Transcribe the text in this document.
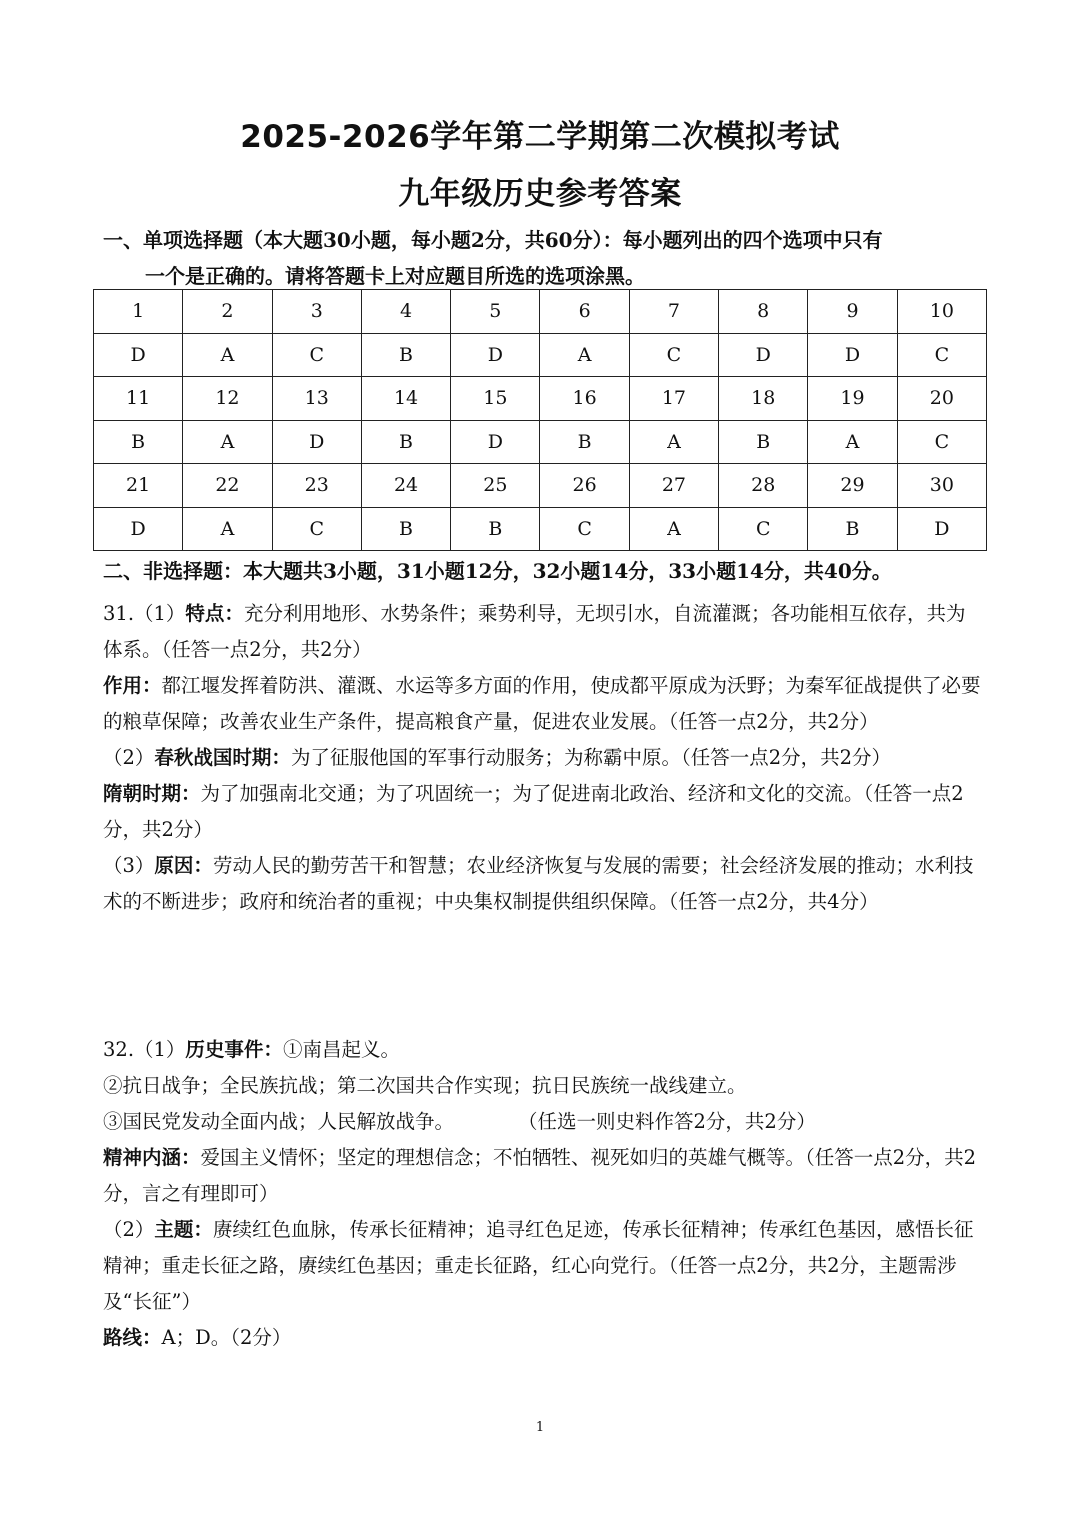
2025-2026学年第二学期第二次模拟考试
九年级历史参考答案
一、单项选择题（本大题30小题，每小题2分，共60分）：每小题列出的四个选项中只有
一个是正确的。请将答题卡上对应题目所选的选项涂黑。
1	2	3	4	5	6	7	8	9	10
D	A	C	B	D	A	C	D	D	C
11	12	13	14	15	16	17	18	19	20
B	A	D	B	D	B	A	B	A	C
21	22	23	24	25	26	27	28	29	30
D	A	C	B	B	C	A	C	B	D
二、非选择题：本大题共3小题，31小题12分，32小题14分，33小题14分，共40分。

31.（1）特点：充分利用地形、水势条件；乘势利导，无坝引水，自流灌溉；各功能相互依存，共为体系。（任答一点2分，共2分）

作用：都江堰发挥着防洪、灌溉、水运等多方面的作用，使成都平原成为沃野；为秦军征战提供了必要的粮草保障；改善农业生产条件，提高粮食产量，促进农业发展。（任答一点2分，共2分）

（2）春秋战国时期：为了征服他国的军事行动服务；为称霸中原。（任答一点2分，共2分）

隋朝时期：为了加强南北交通；为了巩固统一；为了促进南北政治、经济和文化的交流。（任答一点2分，共2分）

（3）原因：劳动人民的勤劳苦干和智慧；农业经济恢复与发展的需要；社会经济发展的推动；水利技术的不断进步；政府和统治者的重视；中央集权制提供组织保障。（任答一点2分，共4分）

32.（1）历史事件：①南昌起义。

②抗日战争；全民族抗战；第二次国共合作实现；抗日民族统一战线建立。

③国民党发动全面内战；人民解放战争。	（任选一则史料作答2分，共2分）

精神内涵：爱国主义情怀；坚定的理想信念；不怕牺牲、视死如归的英雄气概等。（任答一点2分，共2分，言之有理即可）

（2）主题：赓续红色血脉，传承长征精神；追寻红色足迹，传承长征精神；传承红色基因，感悟长征精神；重走长征之路，赓续红色基因；重走长征路，红心向党行。（任答一点2分，共2分，主题需涉及“长征”）

路线：A；D。（2分）

1
